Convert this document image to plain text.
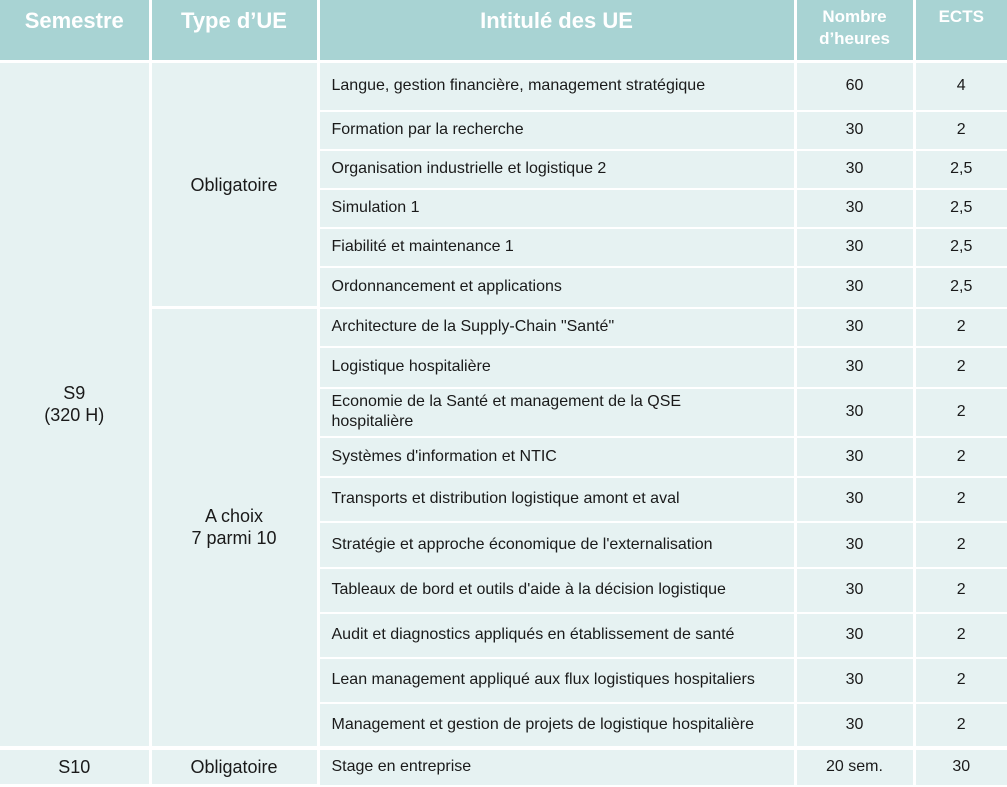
Semestre	Type d’UE	Intitulé des UE	Nombre
d’heures	ECTS

S9
(320 H)	Obligatoire	Langue, gestion financière, management stratégique	60	4
		Formation par la recherche	30	2
		Organisation industrielle et logistique 2	30	2,5
		Simulation 1	30	2,5
		Fiabilité et maintenance 1	30	2,5
		Ordonnancement et applications	30	2,5

	A choix
7 parmi 10	Architecture de la Supply-Chain "Santé"	30	2
		Logistique hospitalière	30	2
		Economie de la Santé et management de la QSE hospitalière	30	2
		Systèmes d'information et NTIC	30	2
		Transports et distribution logistique amont et aval	30	2
		Stratégie et approche économique de l'externalisation	30	2
		Tableaux de bord et outils d'aide à la décision logistique	30	2
		Audit et diagnostics appliqués en établissement de santé	30	2
		Lean management appliqué aux flux logistiques hospitaliers	30	2
		Management et gestion de projets de logistique hospitalière	30	2
S10	Obligatoire	Stage en entreprise	20 sem.	30
